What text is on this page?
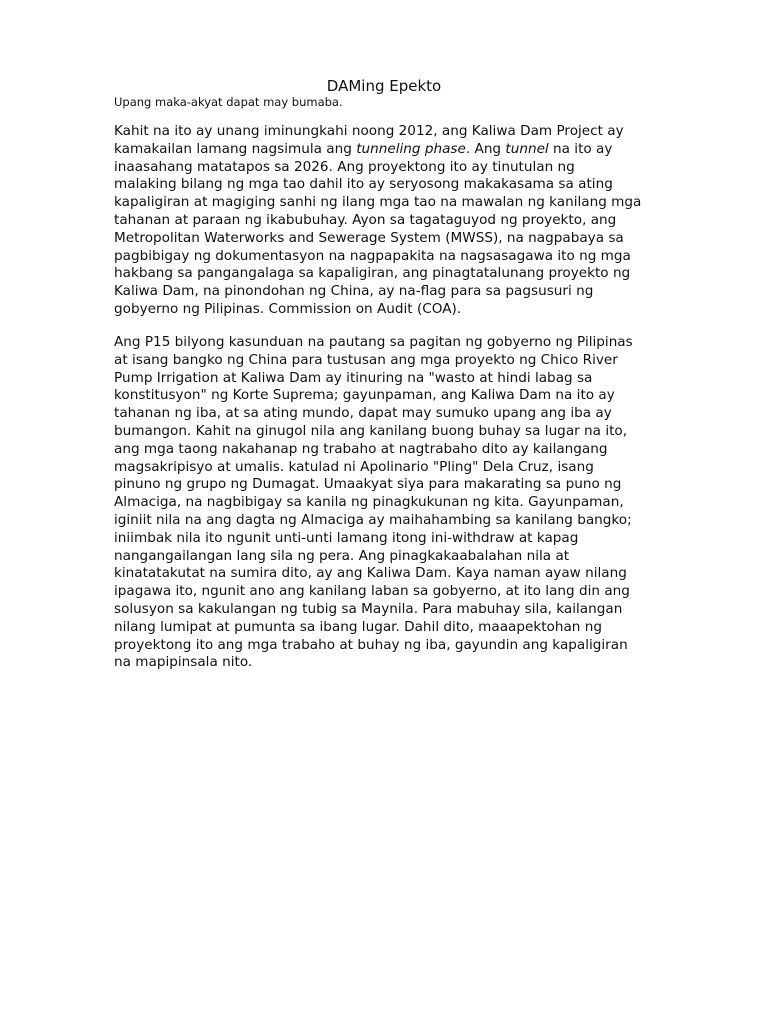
DAMing Epekto

Upang maka-akyat dapat may bumaba.

Kahit na ito ay unang iminungkahi noong 2012, ang Kaliwa Dam Project ay
kamakailan lamang nagsimula ang tunneling phase. Ang tunnel na ito ay
inaasahang matatapos sa 2026. Ang proyektong ito ay tinutulan ng
malaking bilang ng mga tao dahil ito ay seryosong makakasama sa ating
kapaligiran at magiging sanhi ng ilang mga tao na mawalan ng kanilang mga
tahanan at paraan ng ikabubuhay. Ayon sa tagataguyod ng proyekto, ang
Metropolitan Waterworks and Sewerage System (MWSS), na nagpabaya sa
pagbibigay ng dokumentasyon na nagpapakita na nagsasagawa ito ng mga
hakbang sa pangangalaga sa kapaligiran, ang pinagtatalunang proyekto ng
Kaliwa Dam, na pinondohan ng China, ay na-flag para sa pagsusuri ng
gobyerno ng Pilipinas. Commission on Audit (COA).

Ang P15 bilyong kasunduan na pautang sa pagitan ng gobyerno ng Pilipinas
at isang bangko ng China para tustusan ang mga proyekto ng Chico River
Pump Irrigation at Kaliwa Dam ay itinuring na "wasto at hindi labag sa
konstitusyon" ng Korte Suprema; gayunpaman, ang Kaliwa Dam na ito ay
tahanan ng iba, at sa ating mundo, dapat may sumuko upang ang iba ay
bumangon. Kahit na ginugol nila ang kanilang buong buhay sa lugar na ito,
ang mga taong nakahanap ng trabaho at nagtrabaho dito ay kailangang
magsakripisyo at umalis. katulad ni Apolinario "Pling" Dela Cruz, isang
pinuno ng grupo ng Dumagat. Umaakyat siya para makarating sa puno ng
Almaciga, na nagbibigay sa kanila ng pinagkukunan ng kita. Gayunpaman,
iginiit nila na ang dagta ng Almaciga ay maihahambing sa kanilang bangko;
iniimbak nila ito ngunit unti-unti lamang itong ini-withdraw at kapag
nangangailangan lang sila ng pera. Ang pinagkakaabalahan nila at
kinatatakutat na sumira dito, ay ang Kaliwa Dam. Kaya naman ayaw nilang
ipagawa ito, ngunit ano ang kanilang laban sa gobyerno, at ito lang din ang
solusyon sa kakulangan ng tubig sa Maynila. Para mabuhay sila, kailangan
nilang lumipat at pumunta sa ibang lugar. Dahil dito, maaapektohan ng
proyektong ito ang mga trabaho at buhay ng iba, gayundin ang kapaligiran
na mapipinsala nito.
